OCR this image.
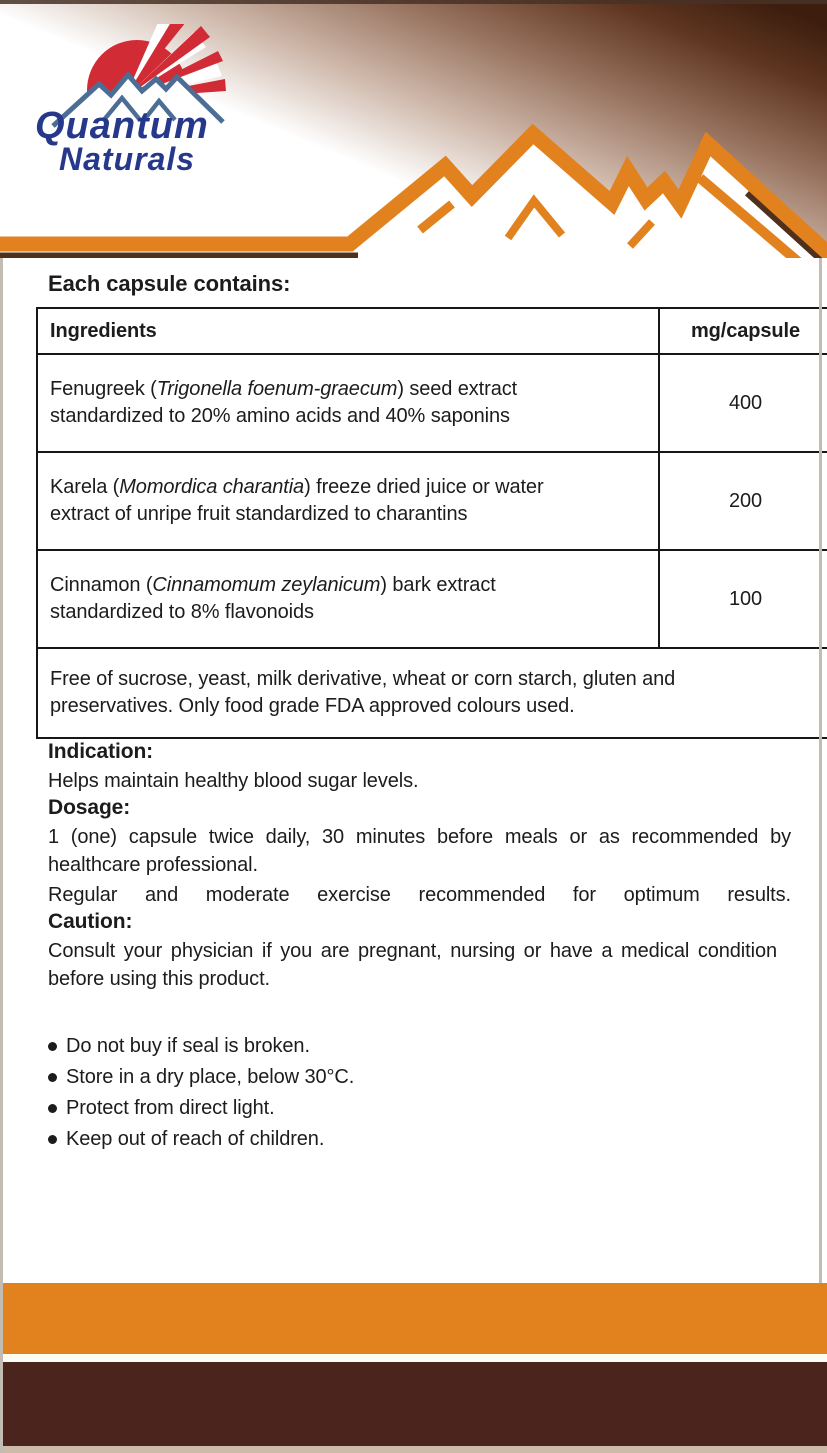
Quantum
Naturals
Each capsule contains:
Ingredients	mg/capsule
Fenugreek (Trigonella foenum-graecum) seed extract standardized to 20% amino acids and 40% saponins	400
Karela (Momordica charantia) freeze dried juice or water extract of unripe fruit standardized to charantins	200
Cinnamon (Cinnamomum zeylanicum) bark extract standardized to 8% flavonoids	100
Free of sucrose, yeast, milk derivative, wheat or corn starch, gluten and preservatives. Only food grade FDA approved colours used.	
Indication:

Helps maintain healthy blood sugar levels.

Dosage:

1 (one) capsule twice daily, 30 minutes before meals or as recommended by healthcare professional.

Regular and moderate exercise recommended for optimum results.

Caution:

Consult your physician if you are pregnant, nursing or have a medical condition before using this product.

Do not buy if seal is broken.
Store in a dry place, below 30°C.
Protect from direct light.
Keep out of reach of children.
